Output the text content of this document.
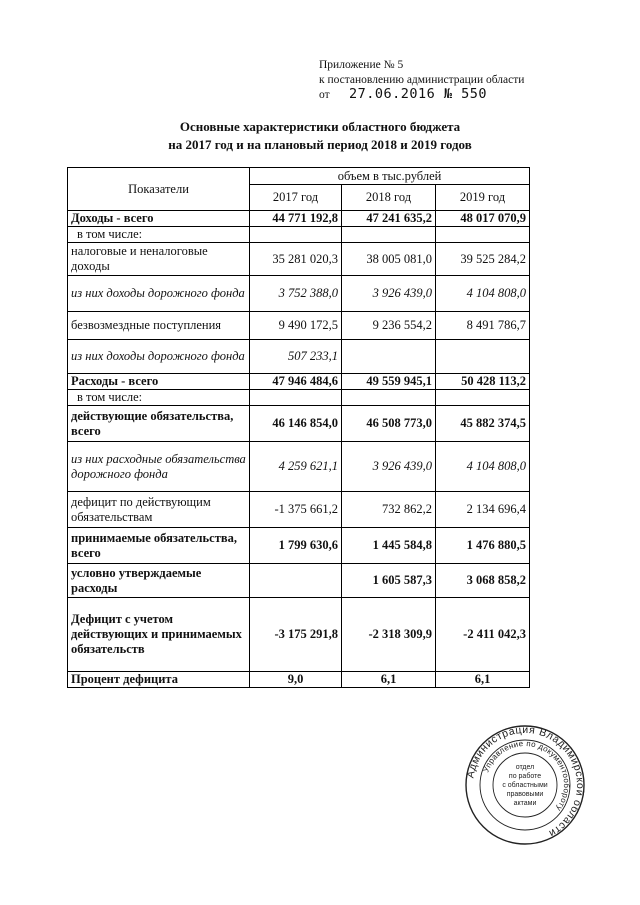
Приложение № 5
к постановлению администрации области
от	27.06.2016 № 550
Основные характеристики областного бюджета
на 2017 год и на плановый период 2018 и 2019 годов
Показатели	объем в тыс.рублей		
	2017 год	2018 год	2019 год
Доходы - всего	44 771 192,8	47 241 635,2	48 017 070,9
в том числе:			
налоговые и неналоговые доходы	35 281 020,3	38 005 081,0	39 525 284,2
из них доходы дорожного фонда	3 752 388,0	3 926 439,0	4 104 808,0
безвозмездные поступления	9 490 172,5	9 236 554,2	8 491 786,7
из них доходы дорожного фонда	507 233,1		
Расходы - всего	47 946 484,6	49 559 945,1	50 428 113,2
в том числе:			
действующие обязательства, всего	46 146 854,0	46 508 773,0	45 882 374,5
из них расходные обязательства дорожного фонда	4 259 621,1	3 926 439,0	4 104 808,0
дефицит по действующим обязательствам	-1 375 661,2	732 862,2	2 134 696,4
принимаемые обязательства, всего	1 799 630,6	1 445 584,8	1 476 880,5
условно утверждаемые расходы		1 605 587,3	3 068 858,2
Дефицит с учетом действующих и принимаемых обязательств	-3 175 291,8	-2 318 309,9	-2 411 042,3
Процент дефицита	9,0	6,1	6,1
Администрация Владимирской области
Управление по документообороту
отдел
по работе
с областными
правовыми
актами
